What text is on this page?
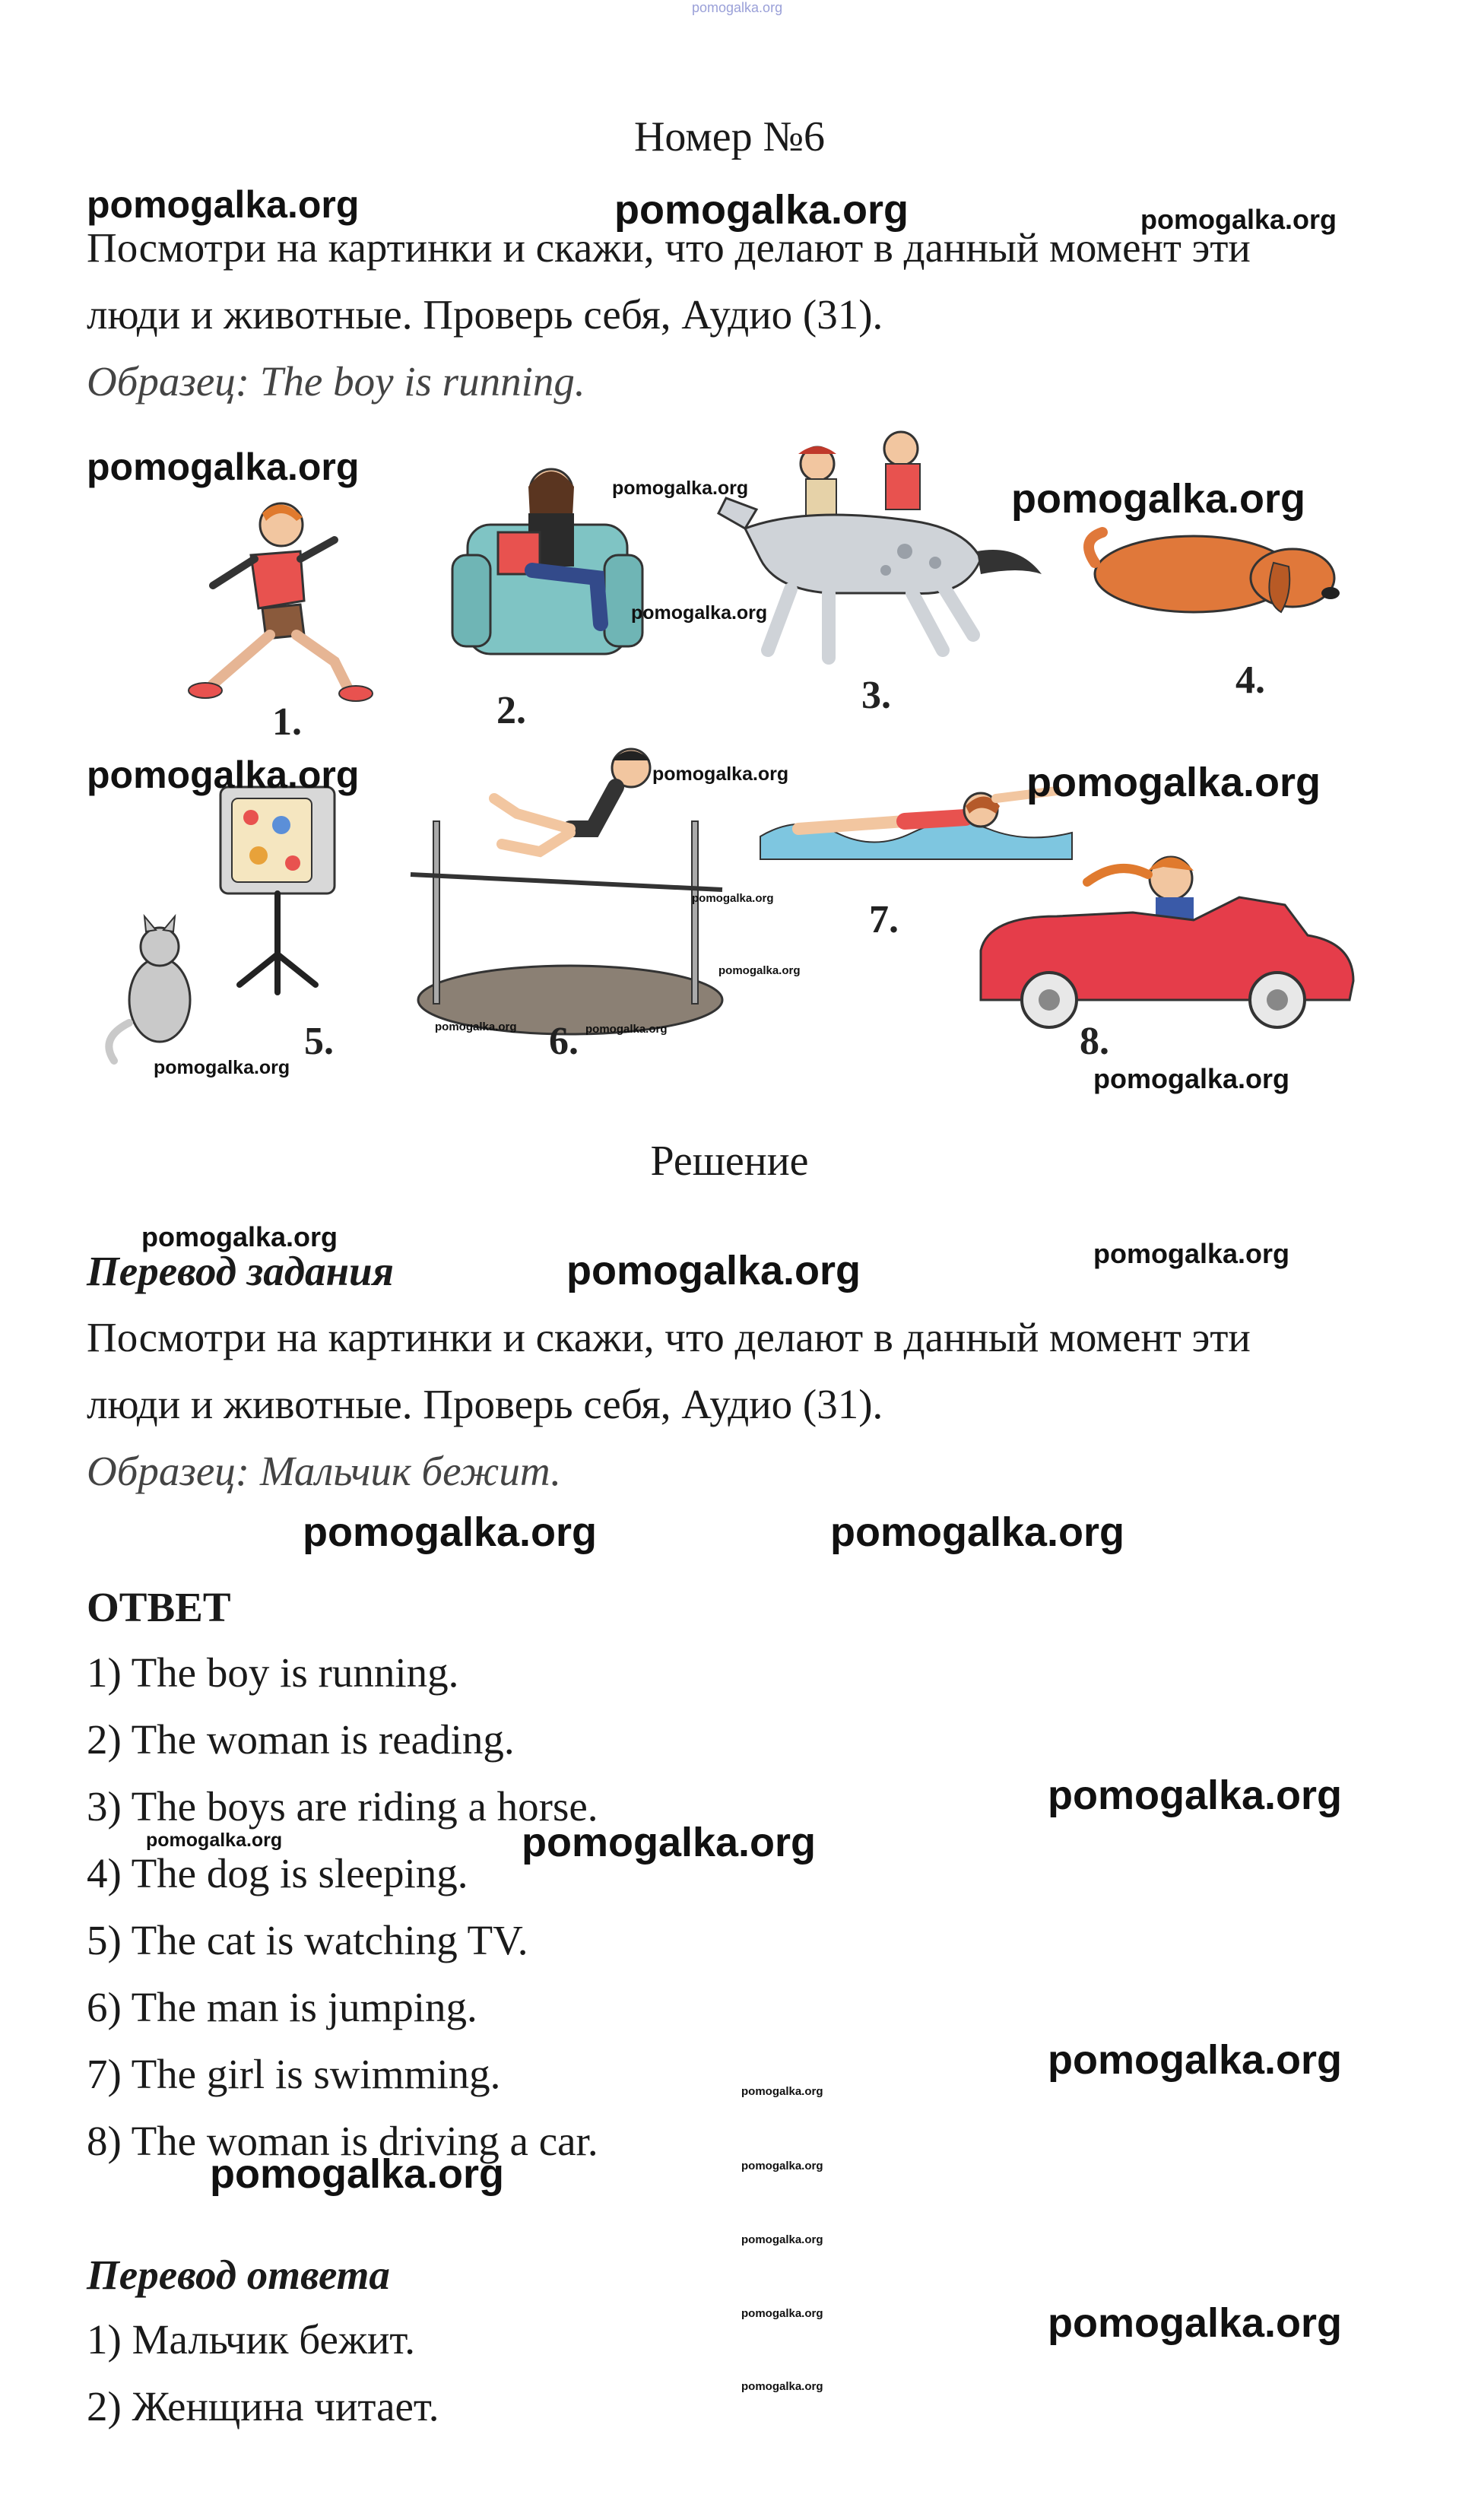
pomogalka.org
Номер №6
Посмотри на картинки и скажи, что делают в данный момент эти
люди и животные. Проверь себя, Аудио (31).
Образец: The boy is running.
1.	2.	3.	4.
5.	6.
7.
8.
Решение
Перевод задания
Посмотри на картинки и скажи, что делают в данный момент эти
люди и животные. Проверь себя, Аудио (31).
Образец: Мальчик бежит.
ОТВЕТ
1) The boy is running.
2) The woman is reading.
3) The boys are riding a horse.
4) The dog is sleeping.
5) The cat is watching TV.
6) The man is jumping.
7) The girl is swimming.
8) The woman is driving a car.
Перевод ответа
1) Мальчик бежит.
2) Женщина читает.
pomogalka.org	pomogalka.org	pomogalka.org
pomogalka.org	pomogalka.org	pomogalka.org
pomogalka.org
pomogalka.org	pomogalka.org	pomogalka.org
pomogalka.org
pomogalka.org
pomogalka.org	pomogalka.org
pomogalka.org	pomogalka.org
pomogalka.org
pomogalka.org	pomogalka.org
pomogalka.org	pomogalka.org
pomogalka.org
pomogalka.org	pomogalka.org
pomogalka.org
pomogalka.org
pomogalka.org	pomogalka.org
pomogalka.org
pomogalka.org	pomogalka.org
pomogalka.org
